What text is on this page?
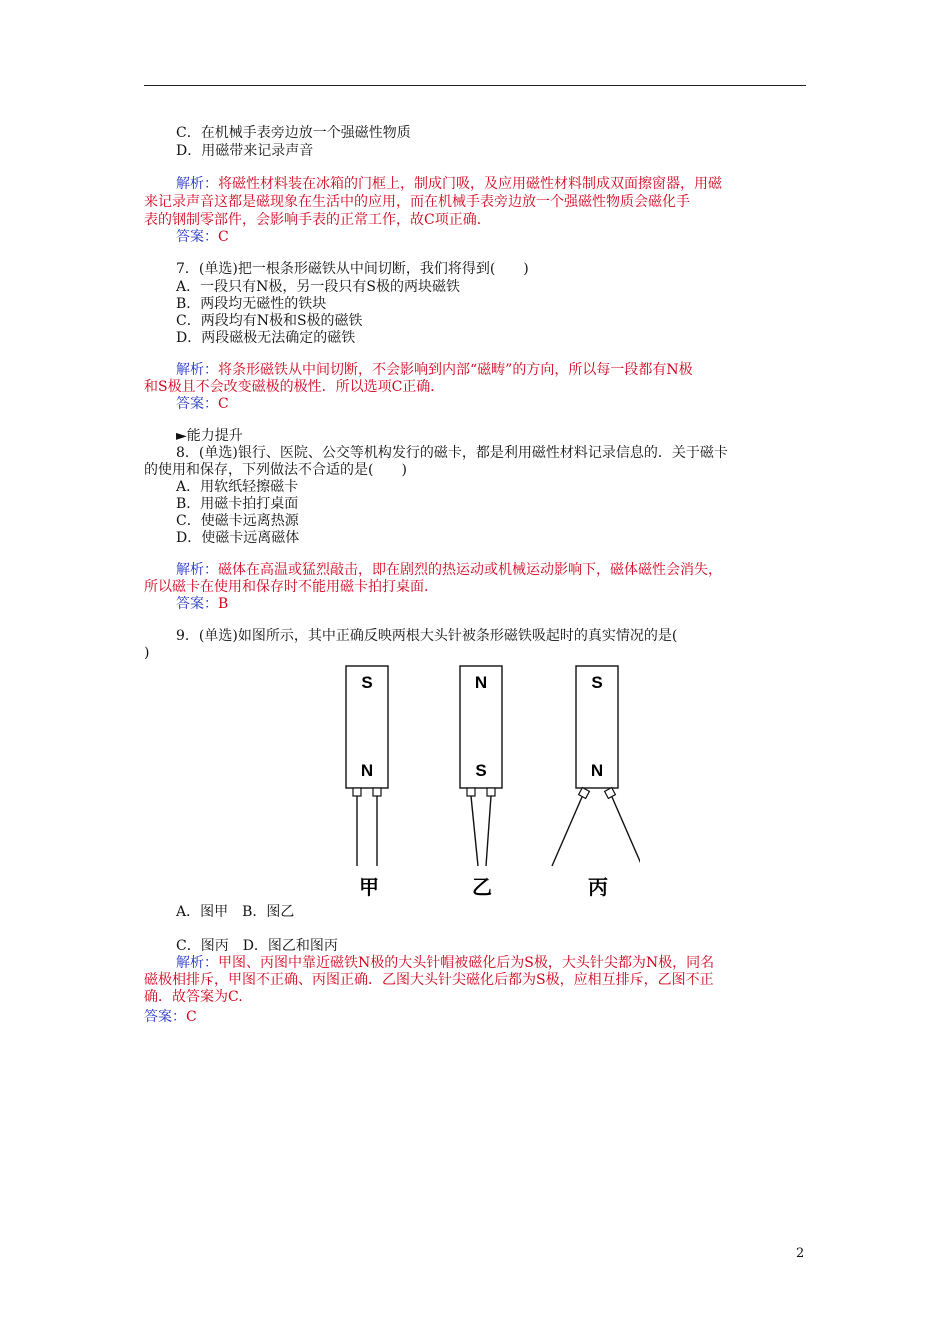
C．在机械手表旁边放一个强磁性物质
D．用磁带来记录声音
解析：将磁性材料装在冰箱的门框上，制成门吸，及应用磁性材料制成双面擦窗器，用磁
来记录声音这都是磁现象在生活中的应用，而在机械手表旁边放一个强磁性物质会磁化手
表的钢制零部件，会影响手表的正常工作，故C项正确．
答案：C
7．(单选)把一根条形磁铁从中间切断，我们将得到(　　)
A．一段只有N极，另一段只有S极的两块磁铁
B．两段均无磁性的铁块
C．两段均有N极和S极的磁铁
D．两段磁极无法确定的磁铁
解析：将条形磁铁从中间切断，不会影响到内部“磁畴”的方向，所以每一段都有N极
和S极且不会改变磁极的极性．所以选项C正确．
答案：C
►能力提升
8．(单选)银行、医院、公交等机构发行的磁卡，都是利用磁性材料记录信息的．关于磁卡
的使用和保存，下列做法不合适的是(　　)
A．用软纸轻擦磁卡
B．用磁卡拍打桌面
C．使磁卡远离热源
D．使磁卡远离磁体
解析：磁体在高温或猛烈敲击，即在剧烈的热运动或机械运动影响下，磁体磁性会消失，
所以磁卡在使用和保存时不能用磁卡拍打桌面．
答案：B
9．(单选)如图所示，其中正确反映两根大头针被条形磁铁吸起时的真实情况的是(
)
S
N
甲
N
S
乙
S
N
丙
A．图甲　B．图乙
C．图丙　D．图乙和图丙
解析：甲图、丙图中靠近磁铁N极的大头针帽被磁化后为S极，大头针尖都为N极，同名
磁极相排斥，甲图不正确、丙图正确．乙图大头针尖磁化后都为S极，应相互排斥，乙图不正
确．故答案为C.
答案：C
2
